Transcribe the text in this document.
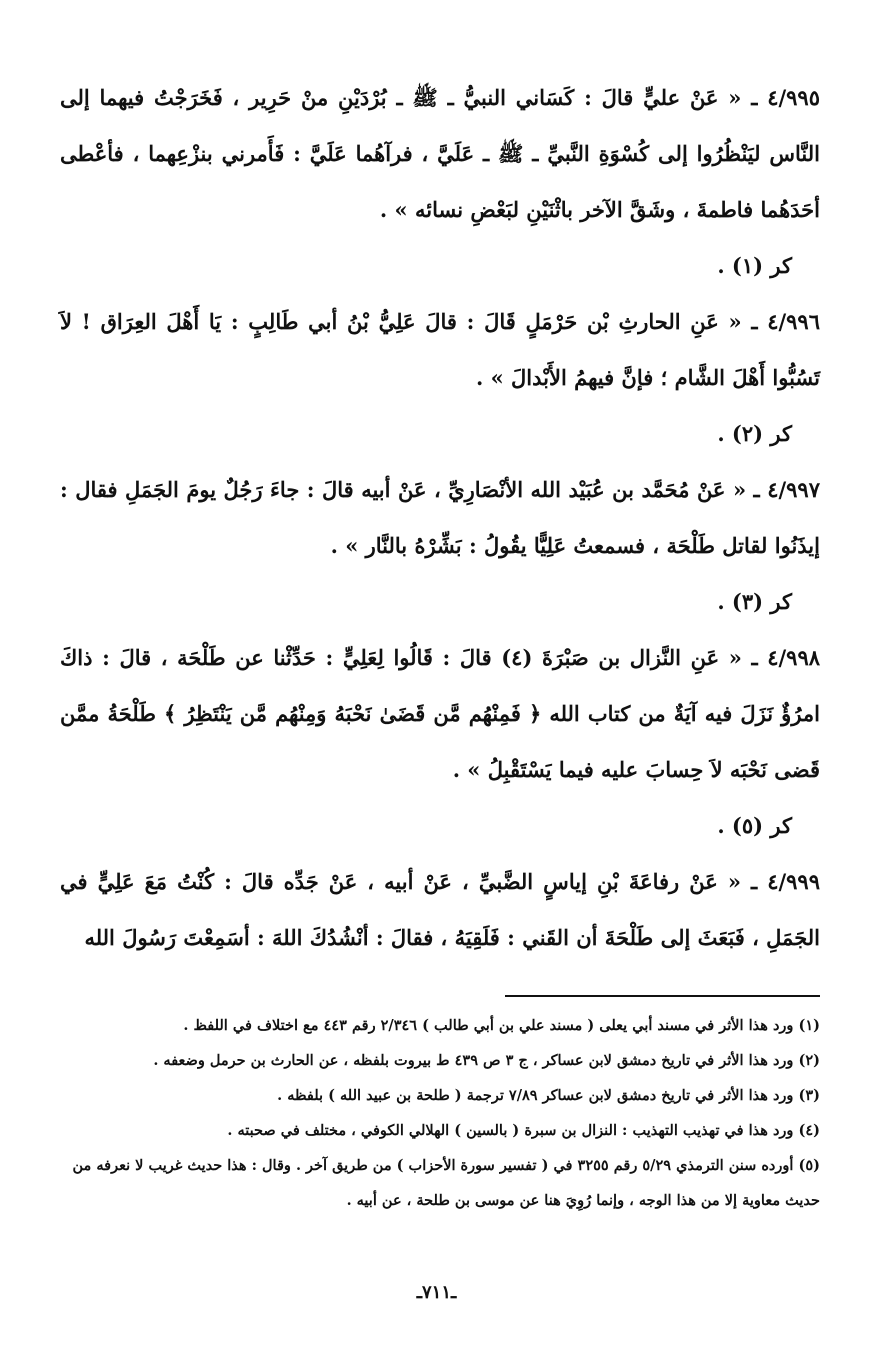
٤/٩٩٥ ـ « عَنْ عليٍّ قالَ : كَسَاني النبيُّ ـ ﷺ ـ بُرْدَيْنِ منْ حَرِير ، فَخَرَجْتُ فيهما إلى النَّاس ليَنْظُرُوا إلى كُسْوَةِ النَّبيِّ ـ ﷺ ـ عَلَيَّ ، فرآهُما عَلَيَّ : فَأَمرني بنزْعِهما ، فأعْطى أحَدَهُما فاطمةَ ، وشَقَّ الآخر باثْنَيْنِ لبَعْضِ نسائه » .

كر (١) .

٤/٩٩٦ ـ « عَنِ الحارثِ بْن حَرْمَلٍ قَالَ : قالَ عَلِيُّ بْنُ أبي طَالِبٍ : يَا أَهْلَ العِرَاق ! لاَ تَسُبُّوا أَهْلَ الشَّام ؛ فإنَّ فيهمُ الأَبْدالَ » .

كر (٢) .

٤/٩٩٧ ـ « عَنْ مُحَمَّد بن عُبَيْد الله الأنْصَارِيِّ ، عَنْ أبيه قالَ : جاءَ رَجُلٌ يومَ الجَمَلِ فقال : إيذَنُوا لقاتل طَلْحَة ، فسمعتُ عَلِيًّا يقُولُ : بَشِّرْهُ بالنَّار » .

كر (٣) .

٤/٩٩٨ ـ « عَنِ النَّزال بن صَبْرَةَ (٤) قالَ : قَالُوا لِعَلِيٍّ : حَدِّثْنا عن طَلْحَة ، قالَ : ذاكَ امرُؤٌ نَزَلَ فيه آيَةٌ من كتاب الله ﴿ فَمِنْهُم مَّن قَضَىٰ نَحْبَهُ وَمِنْهُم مَّن يَنْتَظِرُ ﴾ طَلْحَةُ ممَّن قَضى نَحْبَه لاَ حِسابَ عليه فيما يَسْتَقْبِلُ » .

كر (٥) .

٤/٩٩٩ ـ « عَنْ رفاعَةَ بْنِ إياسٍ الضَّبيِّ ، عَنْ أبيه ، عَنْ جَدِّه قالَ : كُنْتُ مَعَ عَلِيٍّ في الجَمَلِ ، فَبَعَثَ إلى طَلْحَةَ أن القَني : فَلَقِيَهُ ، فقالَ : أنْشُدُكَ اللهَ : أسَمِعْتَ رَسُولَ الله

(١) ورد هذا الأثر في مسند أبي يعلى ( مسند علي بن أبي طالب ) ٢/٣٤٦ رقم ٤٤٣ مع اختلاف في اللفظ .

(٢) ورد هذا الأثر في تاريخ دمشق لابن عساكر ، ج ٣ ص ٤٣٩ ط بيروت بلفظه ، عن الحارث بن حرمل وضعفه .

(٣) ورد هذا الأثر في تاريخ دمشق لابن عساكر ٧/٨٩ ترجمة ( طلحة بن عبيد الله ) بلفظه .

(٤) ورد هذا في تهذيب التهذيب : النزال بن سبرة ( بالسين ) الهلالي الكوفي ، مختلف في صحبته .

(٥) أورده سنن الترمذي ٥/٢٩ رقم ٣٢٥٥ في ( تفسير سورة الأحزاب ) من طريق آخر . وقال : هذا حديث غريب لا نعرفه من حديث معاوية إلا من هذا الوجه ، وإنما رُوِيَ هنا عن موسى بن طلحة ، عن أبيه .

ـ٧١١ـ
